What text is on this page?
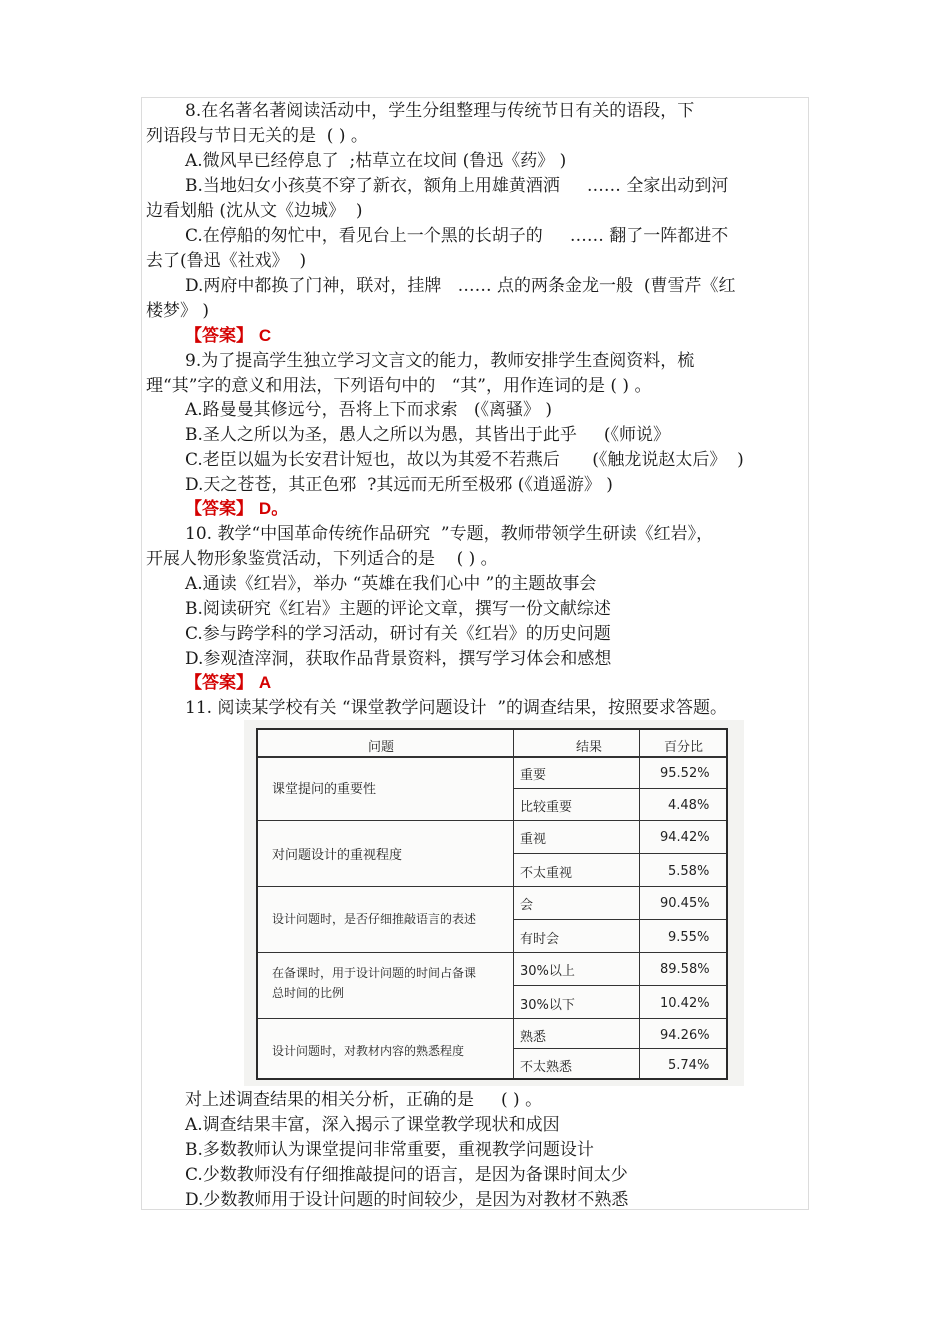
8.在名著名著阅读活动中，学生分组整理与传统节日有关的语段，下
列语段与节日无关的是  ( ) 。
A.微风早已经停息了  ;枯草立在坟间 (鲁迅《药》 )
B.当地妇女小孩莫不穿了新衣，额角上用雄黄酒洒     …… 全家出动到河
边看划船 (沈从文《边城》  )
C.在停船的匆忙中，看见台上一个黑的长胡子的     …… 翻了一阵都进不
去了(鲁迅《社戏》  )
D.两府中都换了门神，联对，挂牌   …… 点的两条金龙一般  (曹雪芹《红
楼梦》 )
【答案】 C
9.为了提高学生独立学习文言文的能力，教师安排学生查阅资料，梳
理“其”字的意义和用法，下列语句中的   “其”，用作连词的是 ( ) 。
A.路曼曼其修远兮，吾将上下而求索   (《离骚》 )
B.圣人之所以为圣，愚人之所以为愚，其皆出于此乎     (《师说》
C.老臣以媪为长安君计短也，故以为其爱不若燕后      (《触龙说赵太后》  )
D.天之苍苍，其正色邪  ?其远而无所至极邪 (《逍遥游》 )
【答案】 D。
10. 教学“中国革命传统作品研究  ”专题，教师带领学生研读《红岩》，
开展人物形象鉴赏活动，下列适合的是    ( ) 。
A.通读《红岩》，举办 “英雄在我们心中 ”的主题故事会
B.阅读研究《红岩》主题的评论文章，撰写一份文献综述
C.参与跨学科的学习活动，研讨有关《红岩》的历史问题
D.参观渣滓洞，获取作品背景资料，撰写学习体会和感想
【答案】 A
11. 阅读某学校有关 “课堂教学问题设计  ”的调查结果，按照要求答题。
问题	结果	百分比
课堂提问的重要性
重要	95.52%
比较重要	4.48%
对问题设计的重视程度
重视	94.42%
不太重视	5.58%
设计问题时，是否仔细推敲语言的表述
会	90.45%
有时会	9.55%
在备课时，用于设计问题的时间占备课
总时间的比例
30%以上	89.58%
30%以下	10.42%
设计问题时，对教材内容的熟悉程度
熟悉	94.26%
不太熟悉	5.74%
对上述调查结果的相关分析，正确的是     ( ) 。
A.调查结果丰富，深入揭示了课堂教学现状和成因
B.多数教师认为课堂提问非常重要，重视教学问题设计
C.少数教师没有仔细推敲提问的语言，是因为备课时间太少
D.少数教师用于设计问题的时间较少，是因为对教材不熟悉
